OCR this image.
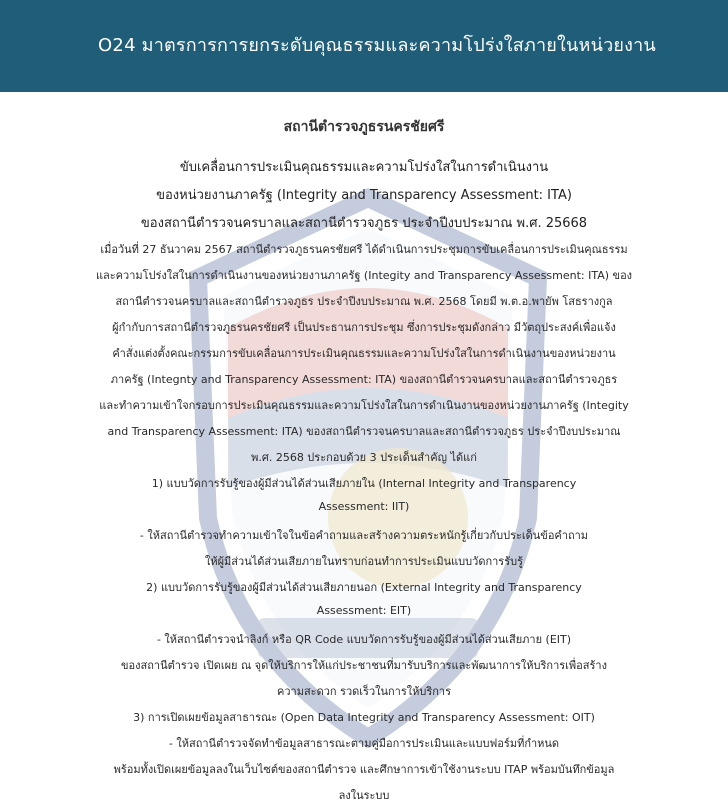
O24 มาตรการการยกระดับคุณธรรมและความโปร่งใสภายในหน่วยงาน
สถานีตำรวจภูธรนครชัยศรี
ขับเคลื่อนการประเมินคุณธรรมและความโปร่งใสในการดำเนินงาน
ของหน่วยงานภาครัฐ (Integrity and Transparency Assessment: ITA)
ของสถานีตำรวจนครบาลและสถานีตำรวจภูธร ประจำปีงบประมาณ พ.ศ. 25668
เมื่อวันที่ 27 ธันวาคม 2567 สถานีตำรวจภูธรนครชัยศรี ได้ดำเนินการประชุมการขับเคลื่อนการประเมินคุณธรรม
และความโปร่งใสในการดำเนินงานของหน่วยงานภาครัฐ (Integity and Transparency Assessment: ITA) ของ
สถานีตำรวจนครบาลและสถานีตำรวจภูธร ประจำปีงบประมาณ พ.ศ. 2568 โดยมี พ.ต.อ.พายัพ โสธรางกูล
ผู้กำกับการสถานีตำรวจภูธรนครชัยศรี เป็นประธานการประชุม ซึ่งการประชุมดังกล่าว มีวัตถุประสงค์เพื่อแจ้ง
คำสั่งแต่งตั้งคณะกรรมการขับเคลื่อนการประเมินคุณธรรมและความโปร่งใสในการดำเนินงานของหน่วยงาน
ภาครัฐ (Integnty and Transparency Assessment: ITA) ของสถานีตำรวจนครบาลและสถานีตำรวจภูธร
และทำความเข้าใจกรอบการประเมินคุณธรรมและความโปร่งใสในการดำเนินงานของหน่วยงานภาครัฐ (Integity
and Transparency Assessment: ITA) ของสถานีตำรวจนครบาลและสถานีตำรวจภูธร ประจำปีงบประมาณ
พ.ศ. 2568 ประกอบด้วย 3 ประเด็นสำคัญ ได้แก่
1) แบบวัดการรับรู้ของผู้มีส่วนได้ส่วนเสียภายใน (Internal Integrity and Transparency
Assessment: IIT)
- ให้สถานีตำรวจทำความเข้าใจในข้อคำถามและสร้างความตระหนักรู้เกี่ยวกับประเด็นข้อคำถาม
ให้ผู้มีส่วนได้ส่วนเสียภายในทราบก่อนทำการประเมินแบบวัดการรับรู้
2) แบบวัดการรับรู้ของผู้มีส่วนได้ส่วนเสียภายนอก (External Integrity and Transparency
Assessment: EIT)
- ให้สถานีตำรวจนำลิงก์ หรือ QR Code แบบวัดการรับรู้ของผู้มีส่วนได้ส่วนเสียภาย (EIT)
ของสถานีตำรวจ เปิดเผย ณ จุดให้บริการให้แก่ประชาชนที่มารับบริการและพัฒนาการให้บริการเพื่อสร้าง
ความสะดวก รวดเร็วในการให้บริการ
3) การเปิดเผยข้อมูลสาธารณะ (Open Data Integrity and Transparency Assessment: OIT)
- ให้สถานีตำรวจจัดทำข้อมูลสาธารณะตามคู่มือการประเมินและแบบฟอร์มที่กำหนด
พร้อมทั้งเปิดเผยข้อมูลลงในเว็บไซต์ของสถานีตำรวจ และศึกษาการเข้าใช้งานระบบ ITAP พร้อมบันทึกข้อมูล
ลงในระบบ
